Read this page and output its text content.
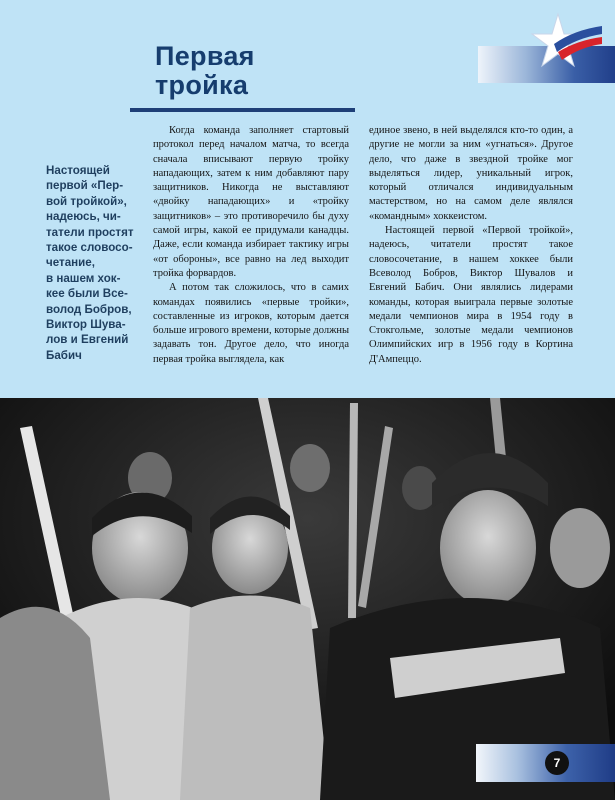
Первая
тройка
Настоящей
первой «Пер-
вой тройкой»,
надеюсь, чи-
татели простят
такое словосо-
четание,
в нашем хок-
кее были Все-
волод Бобров,
Виктор Шува-
лов и Евгений
Бабич

Когда команда заполняет стартовый протокол перед началом матча, то всегда сначала вписывают первую тройку нападающих, затем к ним добавляют пару защитников. Никогда не выставляют «двойку нападающих» и «тройку защитников» – это противоречило бы духу самой игры, какой ее придумали канадцы. Даже, если команда избирает тактику игры «от обороны», все равно на лед выходит тройка форвардов.

А потом так сложилось, что в самих командах появились «первые тройки», составленные из игроков, которым дается больше игрового времени, которые должны задавать тон. Другое дело, что иногда первая тройка выглядела, как

единое звено, в ней выделялся кто-то один, а другие не могли за ним «угнаться». Другое дело, что даже в звездной тройке мог выделяться лидер, уникальный игрок, который отличался индивидуальным мастерством, но на самом деле являлся «командным» хоккеистом.

Настоящей первой «Первой тройкой», надеюсь, читатели простят такое словосочетание, в нашем хоккее были Всеволод Бобров, Виктор Шувалов и Евгений Бабич. Они являлись лидерами команды, которая выиграла первые золотые медали чемпионов мира в 1954 году в Стокгольме, золотые медали чемпионов Олимпийских игр в 1956 году в Кортина Д'Ампеццо.

7
